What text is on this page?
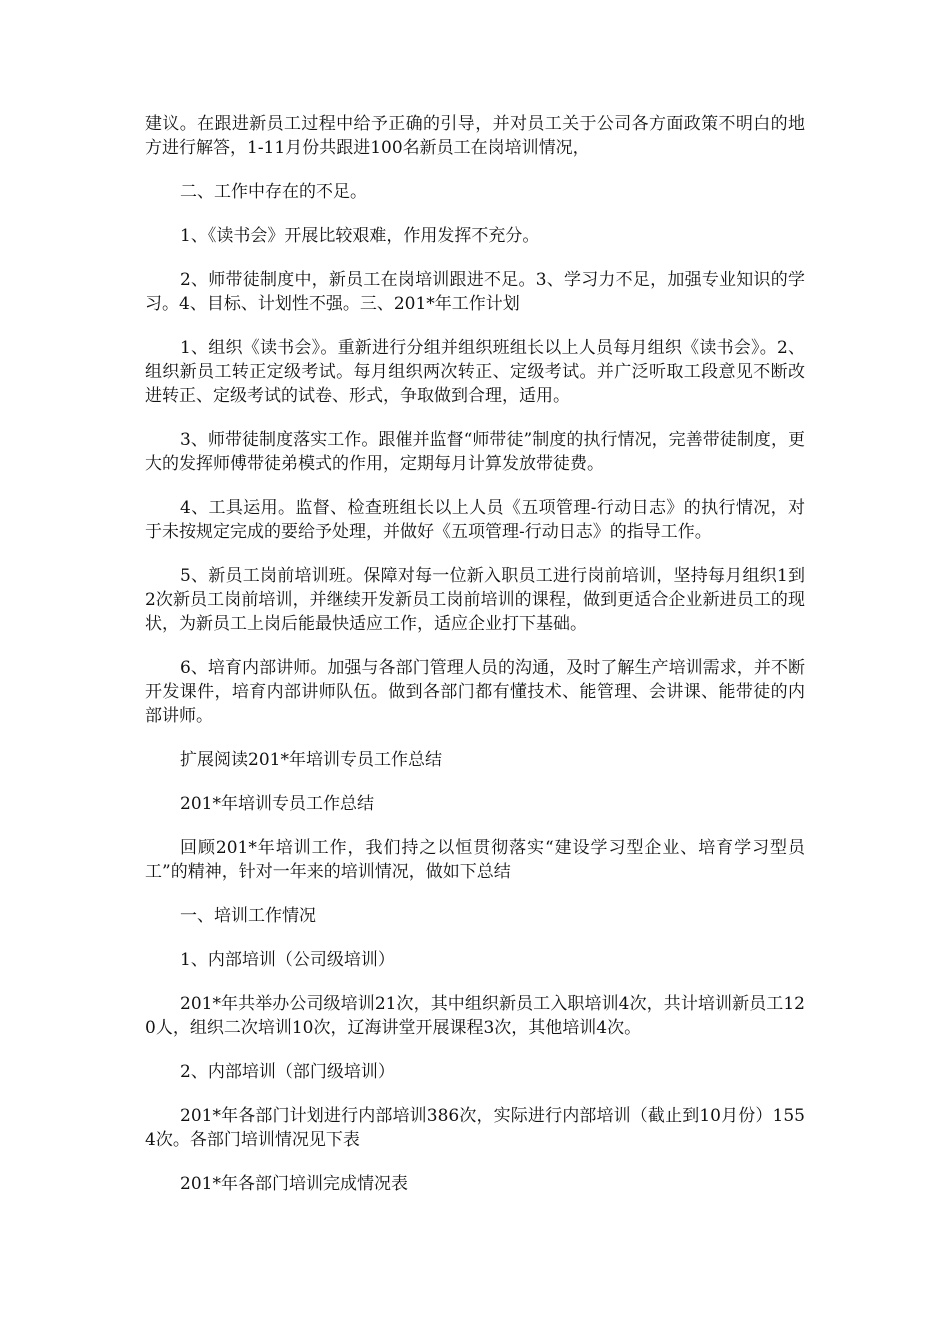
建议。在跟进新员工过程中给予正确的引导，并对员工关于公司各方面政策不明白的地方进行解答，1-11月份共跟进100名新员工在岗培训情况，

二、工作中存在的不足。

1、《读书会》开展比较艰难，作用发挥不充分。

2、师带徒制度中，新员工在岗培训跟进不足。3、学习力不足，加强专业知识的学习。4、目标、计划性不强。三、201*年工作计划

1、组织《读书会》。重新进行分组并组织班组长以上人员每月组织《读书会》。2、组织新员工转正定级考试。每月组织两次转正、定级考试。并广泛听取工段意见不断改进转正、定级考试的试卷、形式，争取做到合理，适用。

3、师带徒制度落实工作。跟催并监督“师带徒”制度的执行情况，完善带徒制度，更大的发挥师傅带徒弟模式的作用，定期每月计算发放带徒费。

4、工具运用。监督、检查班组长以上人员《五项管理-行动日志》的执行情况，对于未按规定完成的要给予处理，并做好《五项管理-行动日志》的指导工作。

5、新员工岗前培训班。保障对每一位新入职员工进行岗前培训，坚持每月组织1到2次新员工岗前培训，并继续开发新员工岗前培训的课程，做到更适合企业新进员工的现状，为新员工上岗后能最快适应工作，适应企业打下基础。

6、培育内部讲师。加强与各部门管理人员的沟通，及时了解生产培训需求，并不断开发课件，培育内部讲师队伍。做到各部门都有懂技术、能管理、会讲课、能带徒的内部讲师。

扩展阅读201*年培训专员工作总结

201*年培训专员工作总结

回顾201*年培训工作，我们持之以恒贯彻落实“建设学习型企业、培育学习型员工”的精神，针对一年来的培训情况，做如下总结

一、培训工作情况

1、内部培训（公司级培训）

201*年共举办公司级培训21次，其中组织新员工入职培训4次，共计培训新员工120人，组织二次培训10次，辽海讲堂开展课程3次，其他培训4次。

2、内部培训（部门级培训）

201*年各部门计划进行内部培训386次，实际进行内部培训（截止到10月份）1554次。各部门培训情况见下表

201*年各部门培训完成情况表
